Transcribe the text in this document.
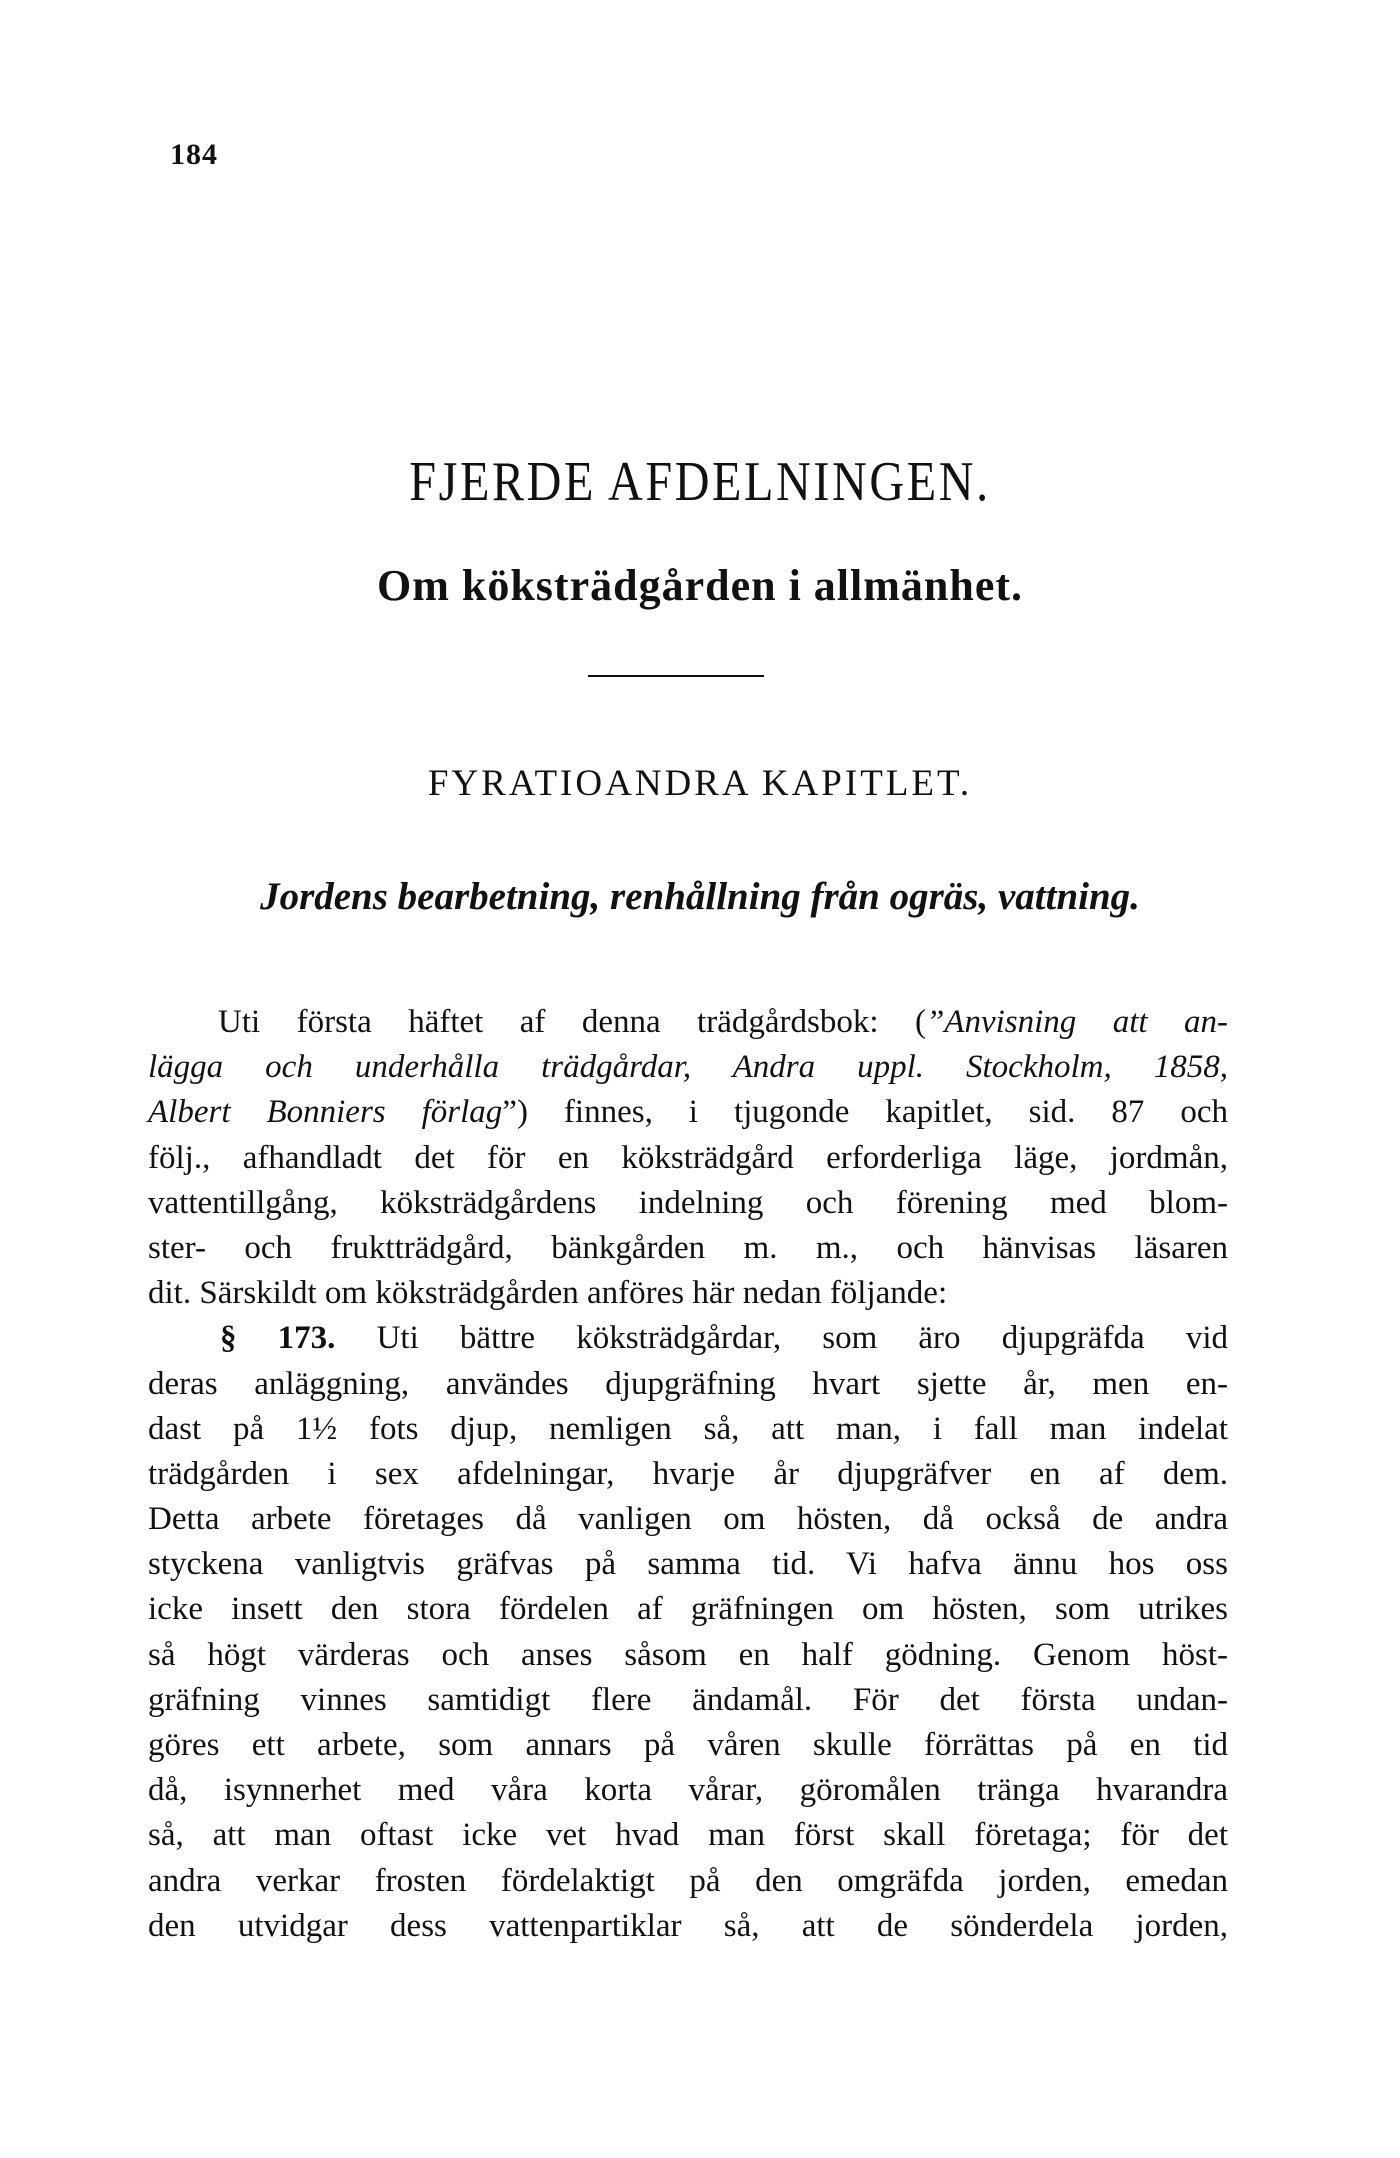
184
FJERDE AFDELNINGEN.
Om köksträdgården i allmänhet.
FYRATIOANDRA KAPITLET.
Jordens bearbetning, renhållning från ogräs, vattning.
Uti första häftet af denna trädgårdsbok: (”Anvisning att an-
lägga och underhålla trädgårdar, Andra uppl. Stockholm, 1858,
Albert Bonniers förlag”) finnes, i tjugonde kapitlet, sid. 87 och
följ., afhandladt det för en köksträdgård erforderliga läge, jordmån,
vattentillgång, köksträdgårdens indelning och förening med blom-
ster- och fruktträdgård, bänkgården m. m., och hänvisas läsaren
dit. Särskildt om köksträdgården anföres här nedan följande:
§ 173. Uti bättre köksträdgårdar, som äro djupgräfda vid
deras anläggning, användes djupgräfning hvart sjette år, men en-
dast på 1½ fots djup, nemligen så, att man, i fall man indelat
trädgården i sex afdelningar, hvarje år djupgräfver en af dem.
Detta arbete företages då vanligen om hösten, då också de andra
styckena vanligtvis gräfvas på samma tid. Vi hafva ännu hos oss
icke insett den stora fördelen af gräfningen om hösten, som utrikes
så högt värderas och anses såsom en half gödning. Genom höst-
gräfning vinnes samtidigt flere ändamål. För det första undan-
göres ett arbete, som annars på våren skulle förrättas på en tid
då, isynnerhet med våra korta vårar, göromålen tränga hvarandra
så, att man oftast icke vet hvad man först skall företaga; för det
andra verkar frosten fördelaktigt på den omgräfda jorden, emedan
den utvidgar dess vattenpartiklar så, att de sönderdela jorden,
